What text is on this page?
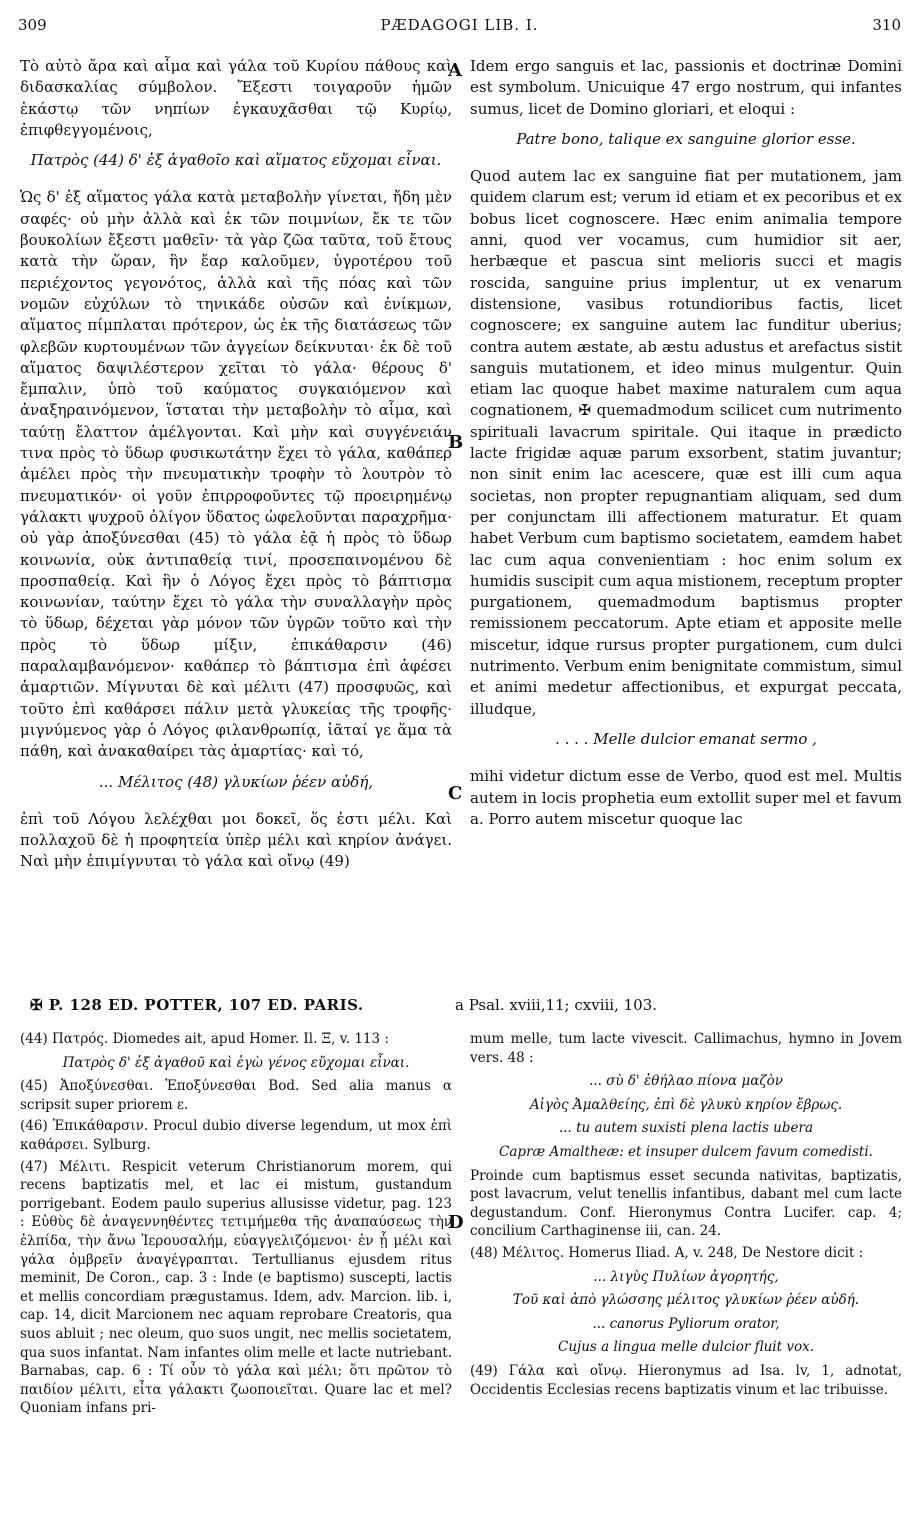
309	PÆDAGOGI LIB. I.	310

Τὸ αὐτὸ ἄρα καὶ αἷμα καὶ γάλα τοῦ Κυρίου πάθους καὶ διδασκαλίας σύμβολον. Ἔξεστι τοιγαροῦν ἡμῶν ἑκάστῳ τῶν νηπίων ἐγκαυχᾶσθαι τῷ Κυρίῳ, ἐπιφθεγγομένοις,

Πατρὸς (44) δ' ἐξ ἀγαθοῖο καὶ αἵματος εὔχομαι εἶναι.

Ὡς δ' ἐξ αἵματος γάλα κατὰ μεταβολὴν γίνεται, ἤδη μὲν σαφές· οὐ μὴν ἀλλὰ καὶ ἐκ τῶν ποιμνίων, ἔκ τε τῶν βουκολίων ἔξεστι μαθεῖν· τὰ γὰρ ζῶα ταῦτα, τοῦ ἔτους κατὰ τὴν ὥραν, ἣν ἔαρ καλοῦμεν, ὑγροτέρου τοῦ περιέχοντος γεγονότος, ἀλλὰ καὶ τῆς πόας καὶ τῶν νομῶν εὐχύλων τὸ τηνικάδε οὐσῶν καὶ ἐνίκμων, αἵματος πίμπλαται πρότερον, ὡς ἐκ τῆς διατάσεως τῶν φλεβῶν κυρτουμένων τῶν ἀγγείων δείκνυται· ἐκ δὲ τοῦ αἵματος δαψιλέστερον χεῖται τὸ γάλα· θέρους δ' ἔμπαλιν, ὑπὸ τοῦ καύματος συγκαιόμενον καὶ ἀναξηραινόμενον, ἵσταται τὴν μεταβολὴν τὸ αἷμα, καὶ ταύτῃ ἔλαττον ἀμέλγονται. Καὶ μὴν καὶ συγγένειάν τινα πρὸς τὸ ὕδωρ φυσικωτάτην ἔχει τὸ γάλα, καθάπερ ἀμέλει πρὸς τὴν πνευματικὴν τροφὴν τὸ λουτρὸν τὸ πνευματικόν· οἱ γοῦν ἐπιρροφοῦντες τῷ προειρημένῳ γάλακτι ψυχροῦ ὀλίγον ὕδατος ὠφελοῦνται παραχρῆμα· οὐ γὰρ ἀποξύνεσθαι (45) τὸ γάλα ἐᾷ ἡ πρὸς τὸ ὕδωρ κοινωνία, οὐκ ἀντιπαθείᾳ τινί, προσεπαινομένου δὲ προσπαθείᾳ. Καὶ ἣν ὁ Λόγος ἔχει πρὸς τὸ βάπτισμα κοινωνίαν, ταύτην ἔχει τὸ γάλα τὴν συναλλαγὴν πρὸς τὸ ὕδωρ, δέχεται γὰρ μόνον τῶν ὑγρῶν τοῦτο καὶ τὴν πρὸς τὸ ὕδωρ μίξιν, ἐπικάθαρσιν (46) παραλαμβανόμενον· καθάπερ τὸ βάπτισμα ἐπὶ ἀφέσει ἁμαρτιῶν. Μίγνυται δὲ καὶ μέλιτι (47) προσφυῶς, καὶ τοῦτο ἐπὶ καθάρσει πάλιν μετὰ γλυκείας τῆς τροφῆς· μιγνύμενος γὰρ ὁ Λόγος φιλανθρωπίᾳ, ἰᾶταί γε ἅμα τὰ πάθη, καὶ ἀνακαθαίρει τὰς ἁμαρτίας· καὶ τό,

... Μέλιτος (48) γλυκίων ῥέεν αὐδή,

ἐπὶ τοῦ Λόγου λελέχθαι μοι δοκεῖ, ὅς ἐστι μέλι. Καὶ πολλαχοῦ δὲ ἡ προφητεία ὑπὲρ μέλι καὶ κηρίον ἀνάγει. Ναὶ μὴν ἐπιμίγνυται τὸ γάλα καὶ οἴνῳ (49)

A
B
C

Idem ergo sanguis et lac, passionis et doctrinæ Domini est symbolum. Unicuique 47 ergo nostrum, qui infantes sumus, licet de Domino gloriari, et eloqui :

Patre bono, talique ex sanguine glorior esse.

Quod autem lac ex sanguine fiat per mutationem, jam quidem clarum est; verum id etiam et ex pecoribus et ex bobus licet cognoscere. Hæc enim animalia tempore anni, quod ver vocamus, cum humidior sit aer, herbæque et pascua sint melioris succi et magis roscida, sanguine prius implentur, ut ex venarum distensione, vasibus rotundioribus factis, licet cognoscere; ex sanguine autem lac funditur uberius; contra autem æstate, ab æstu adustus et arefactus sistit sanguis mutationem, et ideo minus mulgentur. Quin etiam lac quoque habet maxime naturalem cum aqua cognationem, ✠ quemadmodum scilicet cum nutrimento spirituali lavacrum spiritale. Qui itaque in prædicto lacte frigidæ aquæ parum exsorbent, statim juvantur; non sinit enim lac acescere, quæ est illi cum aqua societas, non propter repugnantiam aliquam, sed dum per conjunctam illi affectionem maturatur. Et quam habet Verbum cum baptismo societatem, eamdem habet lac cum aqua convenientiam : hoc enim solum ex humidis suscipit cum aqua mistionem, receptum propter purgationem, quemadmodum baptismus propter remissionem peccatorum. Apte etiam et apposite melle miscetur, idque rursus propter purgationem, cum dulci nutrimento. Verbum enim benignitate commistum, simul et animi medetur affectionibus, et expurgat peccata, illudque,

. . . . Melle dulcior emanat sermo ,

mihi videtur dictum esse de Verbo, quod est mel. Multis autem in locis prophetia eum extollit super mel et favum a. Porro autem miscetur quoque lac

✠ P. 128 ED. POTTER, 107 ED. PARIS.	a Psal. xviii,11; cxviii, 103.

(44) Πατρός. Diomedes ait, apud Homer. Il. Ξ, v. 113 :

Πατρὸς δ' ἐξ ἀγαθοῦ καὶ ἐγὼ γένος εὔχομαι εἶναι.

(45) Ἀποξύνεσθαι. Ἐποξύνεσθαι Bod. Sed alia manus α scripsit super priorem ε.

(46) Ἐπικάθαρσιν. Procul dubio diverse legendum, ut mox ἐπὶ καθάρσει. Sylburg.

(47) Μέλιτι. Respicit veterum Christianorum morem, qui recens baptizatis mel, et lac ei mistum, gustandum porrigebant. Eodem paulo superius allusisse videtur, pag. 123 : Εὐθὺς δὲ ἀναγεννηθέντες τετιμήμεθα τῆς ἀναπαύσεως τὴν ἐλπίδα, τὴν ἄνω Ἱερουσαλήμ, εὐαγγελιζόμενοι· ἐν ᾗ μέλι καὶ γάλα ὀμβρεῖν ἀναγέγραπται. Tertullianus ejusdem ritus meminit, De Coron., cap. 3 : Inde (e baptismo) suscepti, lactis et mellis concordiam prægustamus. Idem, adv. Marcion. lib. i, cap. 14, dicit Marcionem nec aquam reprobare Creatoris, qua suos abluit ; nec oleum, quo suos ungit, nec mellis societatem, qua suos infantat. Nam infantes olim melle et lacte nutriebant. Barnabas, cap. 6 : Τί οὖν τὸ γάλα καὶ μέλι; ὅτι πρῶτον τὸ παιδίον μέλιτι, εἶτα γάλακτι ζωοποιεῖται. Quare lac et mel? Quoniam infans pri-

D

mum melle, tum lacte vivescit. Callimachus, hymno in Jovem vers. 48 :

... σὺ δ' ἐθήλαο πίονα μαζὸν

Αἰγὸς Ἀμαλθείης, ἐπὶ δὲ γλυκὺ κηρίον ἔβρως.

... tu autem suxisti plena lactis ubera

Capræ Amaltheæ: et insuper dulcem favum comedisti.

Proinde cum baptismus esset secunda nativitas, baptizatis, post lavacrum, velut tenellis infantibus, dabant mel cum lacte degustandum. Conf. Hieronymus Contra Lucifer. cap. 4; concilium Carthaginense iii, can. 24.

(48) Μέλιτος. Homerus Iliad. A, v. 248, De Nestore dicit :

... λιγὺς Πυλίων ἀγορητής,

Τοῦ καὶ ἀπὸ γλώσσης μέλιτος γλυκίων ῥέεν αὐδή.

... canorus Pyliorum orator,

Cujus a lingua melle dulcior fluit vox.

(49) Γάλα καὶ οἴνῳ. Hieronymus ad Isa. lv, 1, adnotat, Occidentis Ecclesias recens baptizatis vinum et lac tribuisse.
